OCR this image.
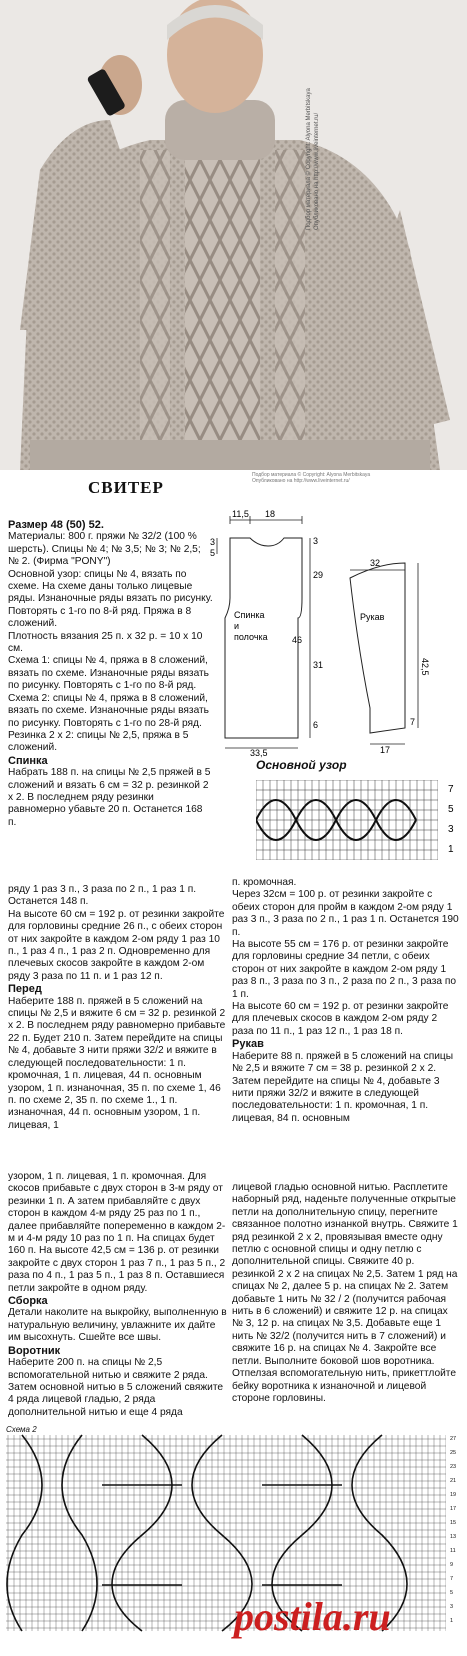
Подбор материала © Copyright: Alyona Merbitskaya Опубликовано на http://www.liveinternet.ru/
Подбор материала © Copyright: Alyona Merbitskaya
Опубликовано на http://www.liveinternet.ru/
СВИТЕР

Размер 48 (50) 52.

Материалы: 800 г. пряжи № 32/2 (100 % шерсть). Спицы № 4; № 3,5; № 3; № 2,5; № 2. (Фирма "PONY")

Основной узор: спицы № 4, вязать по схеме. На схеме даны только лицевые ряды. Изнаночные ряды вязать по рисунку. Повторять с 1-го по 8-й ряд. Пряжа в 8 сложений.

Плотность вязания 25 п. х 32 р. = 10 х 10 см.

Схема 1: спицы № 4, пряжа в 8 сложений, вязать по схеме. Изнаночные ряды вязать по рисунку. Повторять с 1-го по 8-й ряд.

Схема 2: спицы № 4, пряжа в 8 сложений, вязать по схеме. Изнаночные ряды вязать по рисунку. Повторять с 1-го по 28-й ряд.

Резинка 2 х 2: спицы № 2,5, пряжа в 5 сложений.

Спинка

Набрать 188 п. на спицы № 2,5 пряжей в 5 сложений и вязать 6 см = 32 р. резинкой 2 х 2. В последнем ряду резинки равномерно убавьте 20 п. Останется 168 п.

11,5 18
3
5
3
29
46
31
6
33,5
Спинка
и
полочка
32
Рукав
42,5
7
17
Основной узор
7
5
3
1

ряду 1 раз 3 п., 3 раза по 2 п., 1 раз 1 п. Останется 148 п.

На высоте 60 см = 192 р. от резинки закройте для горловины средние 26 п., с обеих сторон от них закройте в каждом 2-ом ряду 1 раз 10 п., 1 раз 4 п., 1 раз 2 п. Одновременно для плечевых скосов закройте в каждом 2-ом ряду 3 раза по 11 п. и 1 раз 12 п.

Перед

Наберите 188 п. пряжей в 5 сложений на спицы № 2,5 и вяжите 6 см = 32 р. резинкой 2 х 2. В последнем ряду равномерно прибавьте 22 п. Будет 210 п. Затем перейдите на спицы № 4, добавьте 3 нити пряжи 32/2 и вяжите в следующей последовательности: 1 п. кромочная, 1 п. лицевая, 44 п. основным узором, 1 п. изнаночная, 35 п. по схеме 1, 46 п. по схеме 2, 35 п. по схеме 1., 1 п. изнаночная, 44 п. основным узором, 1 п. лицевая, 1

п. кромочная.

Через 32см = 100 р. от резинки закройте с обеих сторон для пройм в каждом 2-ом ряду 1 раз 3 п., 3 раза по 2 п., 1 раз 1 п. Останется 190 п.

На высоте 55 см = 176 р. от резинки закройте для горловины средние 34 петли, с обеих сторон от них закройте в каждом 2-ом ряду 1 раз 8 п., 3 раза по 3 п., 2 раза по 2 п., 3 раза по 1 п.

На высоте 60 см = 192 р. от резинки закройте для плечевых скосов в каждом 2-ом ряду 2 раза по 11 п., 1 раз 12 п., 1 раз 18 п.

Рукав

Наберите 88 п. пряжей в 5 сложений на спицы № 2,5 и вяжите 7 см = 38 р. резинкой 2 х 2. Затем перейдите на спицы № 4, добавьте 3 нити пряжи 32/2 и вяжите в следующей последовательности: 1 п. кромочная, 1 п. лицевая, 84 п. основным

узором, 1 п. лицевая, 1 п. кромочная. Для скосов прибавьте с двух сторон в 3-м ряду от резинки 1 п. А затем прибавляйте с двух сторон в каждом 4-м ряду 25 раз по 1 п., далее прибавляйте попеременно в каждом 2-м и 4-м ряду 10 раз по 1 п. На спицах будет 160 п. На высоте 42,5 см = 136 р. от резинки закройте с двух сторон 1 раз 7 п., 1 раз 5 п., 2 раза по 4 п., 1 раз 5 п., 1 раз 8 п. Оставшиеся петли закройте в одном ряду.

Сборка

Детали наколите на выкройку, выполненную в натуральную величину, увлажните их дайте им высохнуть. Сшейте все швы.

Воротник

Наберите 200 п. на спицы № 2,5 вспомогательной нитью и свяжите 2 ряда. Затем основной нитью в 5 сложений свяжите 4 ряда лицевой гладью, 2 ряда дополнительной нитью и еще 4 ряда

лицевой гладью основной нитью. Расплетите наборный ряд, наденьте полученные открытые петли на дополнительную спицу, перегните связанное полотно изнанкой внутрь. Свяжите 1 ряд резинкой 2 х 2, провязывая вместе одну петлю с основной спицы и одну петлю с дополнительной спицы. Свяжите 40 р. резинкой 2 х 2 на спицах № 2,5. Затем 1 ряд на спицах № 2, далее 5 р. на спицах № 2. Затем добавьте 1 нить № 32 / 2 (получится рабочая нить в 6 сложений) и свяжите 12 р. на спицах № 3, 12 р. на спицах № 3,5. Добавьте еще 1 нить № 32/2 (получится нить в 7 сложений) и свяжите 16 р. на спицах № 4. Закройте все петли. Выполните боковой шов воротника. Отпелзая вспомогательную нить, прикеттлойте бейку воротника к изнаночной и лицевой стороне горловины.

Схема 2
27
25
23
21
19
17
15
13
11
9
7
5
3
1
postila.ru
